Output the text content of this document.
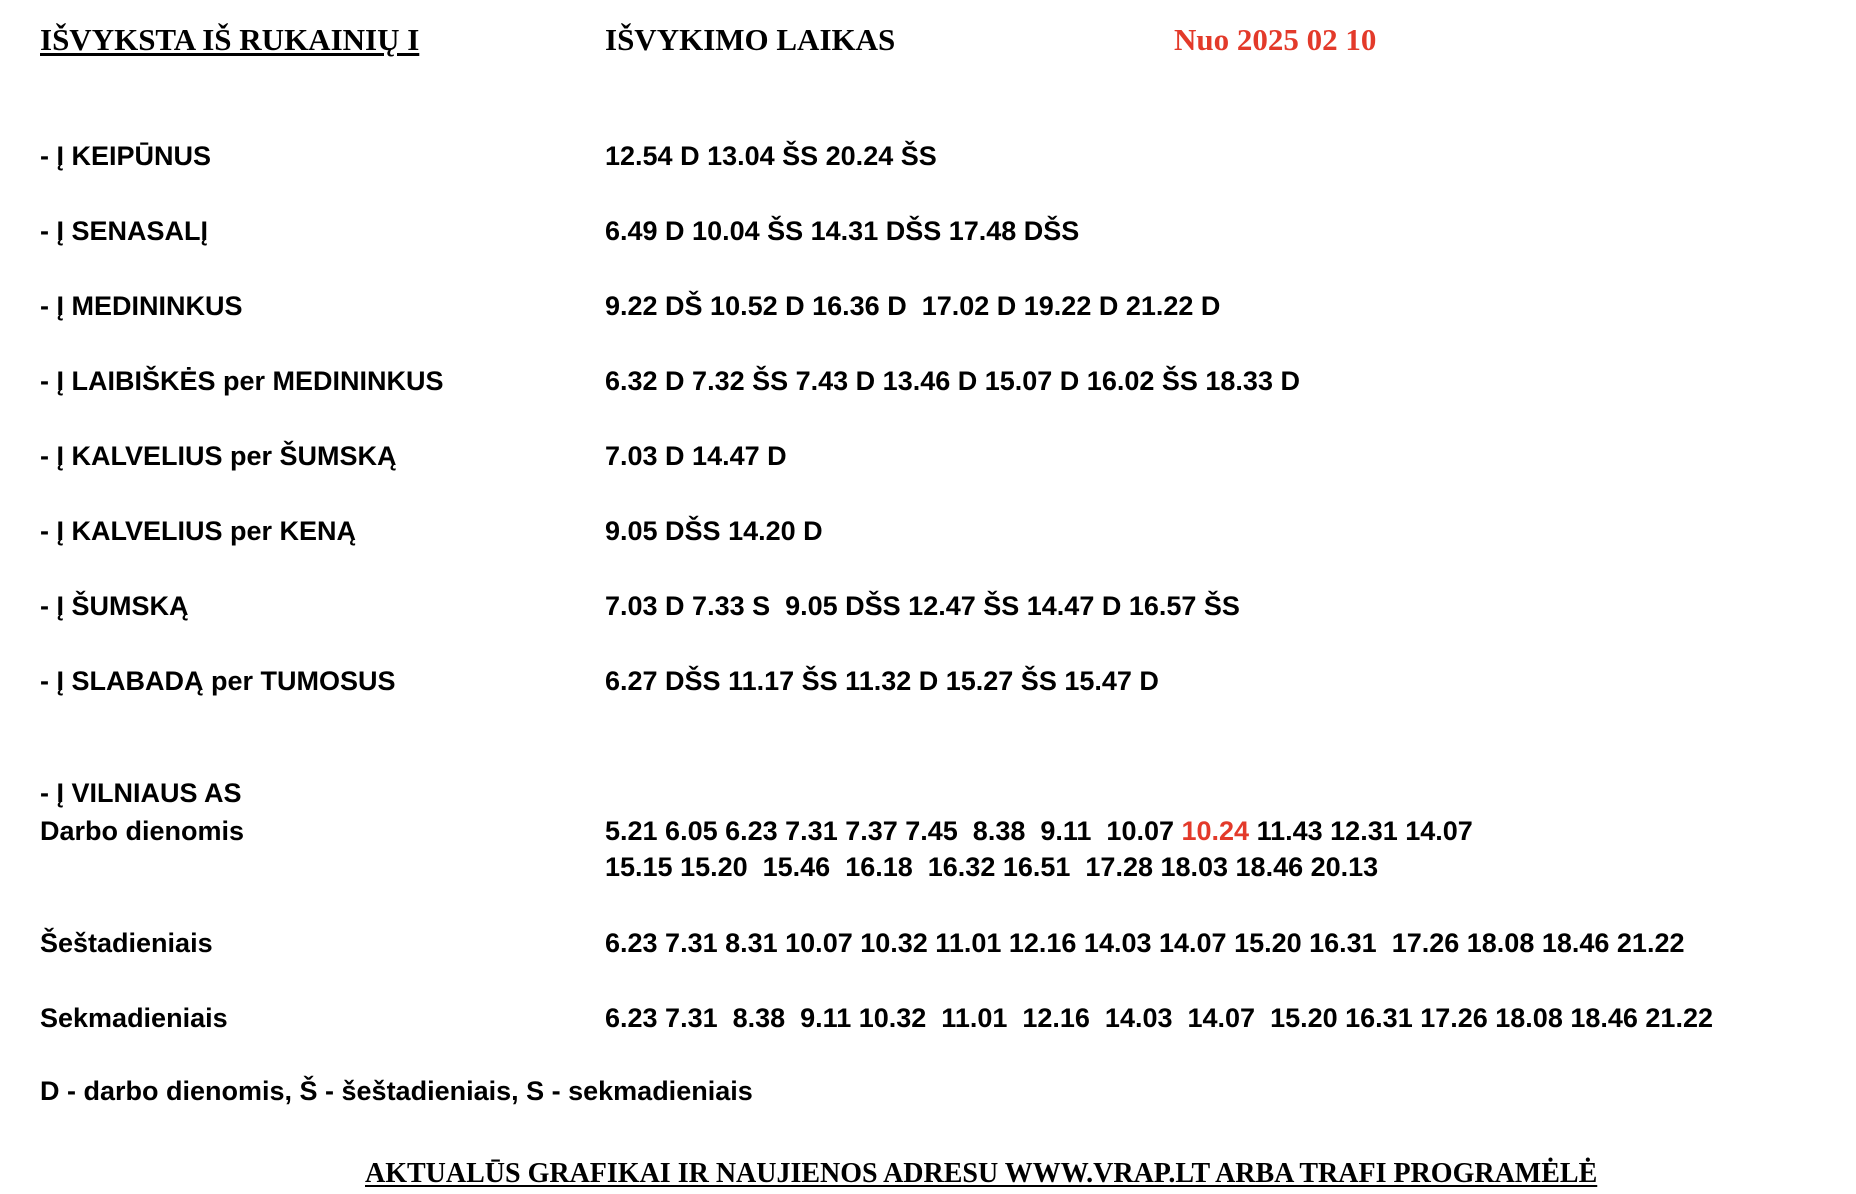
IŠVYKSTA IŠ RUKAINIŲ I	IŠVYKIMO LAIKAS	Nuo 2025 02 10
- Į KEIPŪNUS	12.54 D 13.04 ŠS 20.24 ŠS
- Į SENASALĮ	6.49 D 10.04 ŠS 14.31 DŠS 17.48 DŠS
- Į MEDININKUS	9.22 DŠ 10.52 D 16.36 D  17.02 D 19.22 D 21.22 D
- Į LAIBIŠKĖS per MEDININKUS	6.32 D 7.32 ŠS 7.43 D 13.46 D 15.07 D 16.02 ŠS 18.33 D
- Į KALVELIUS per ŠUMSKĄ	7.03 D 14.47 D
- Į KALVELIUS per KENĄ	9.05 DŠS 14.20 D
- Į ŠUMSKĄ	7.03 D 7.33 S  9.05 DŠS 12.47 ŠS 14.47 D 16.57 ŠS
- Į SLABADĄ per TUMOSUS	6.27 DŠS 11.17 ŠS 11.32 D 15.27 ŠS 15.47 D
- Į VILNIAUS AS
Darbo dienomis	5.21 6.05 6.23 7.31 7.37 7.45  8.38  9.11  10.07 10.24 11.43 12.31 14.07
15.15 15.20  15.46  16.18  16.32 16.51  17.28 18.03 18.46 20.13
Šeštadieniais	6.23 7.31 8.31 10.07 10.32 11.01 12.16 14.03 14.07 15.20 16.31  17.26 18.08 18.46 21.22
Sekmadieniais	6.23 7.31  8.38  9.11 10.32  11.01  12.16  14.03  14.07  15.20 16.31 17.26 18.08 18.46 21.22
D - darbo dienomis, Š - šeštadieniais, S - sekmadieniais
AKTUALŪS GRAFIKAI IR NAUJIENOS ADRESU WWW.VRAP.LT ARBA TRAFI PROGRAMĖLĖ
